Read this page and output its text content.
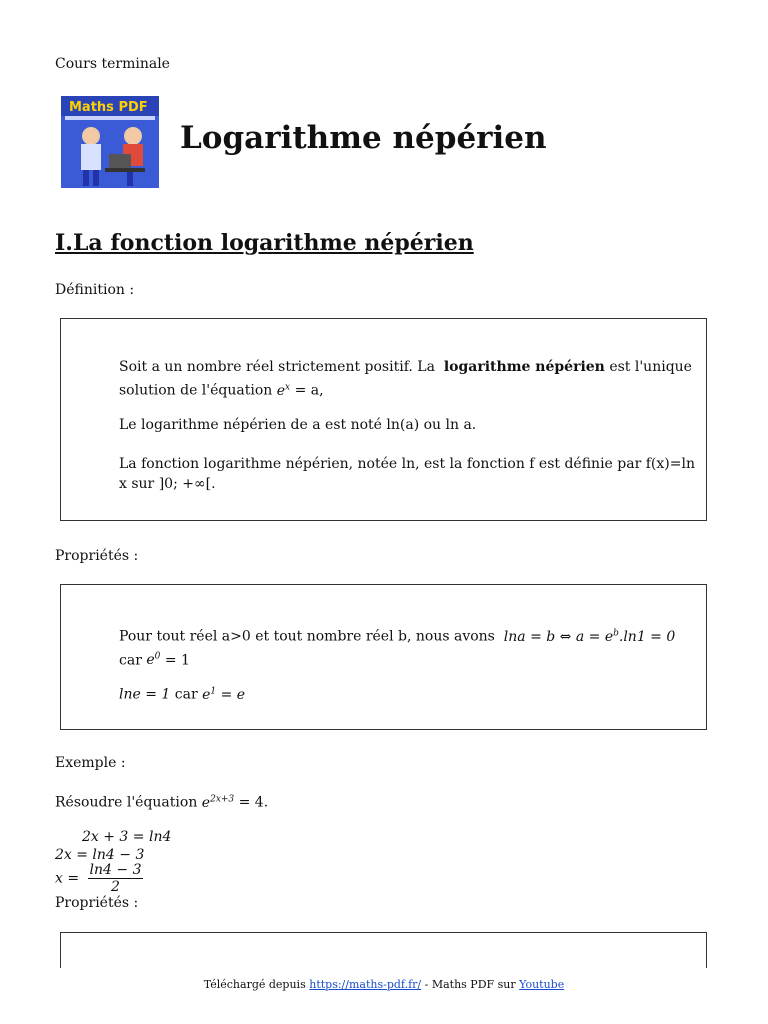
Cours terminale
Maths PDF
Logarithme népérien
I.La fonction logarithme népérien
Définition :

Soit a un nombre réel strictement positif. La logarithme népérien est l'unique solution de l'équation $e^x = a$,

Le logarithme népérien de a est noté ln(a) ou ln a.

La fonction logarithme népérien, notée ln, est la fonction f est définie par f(x)=ln x sur ]0; +∞[.

Propriétés :

Pour tout réel a>0 et tout nombre réel b, nous avons lna = b ⇔ $a = e^b.\ln 1 = 0$ car $e^0 = 1$

lne = 1 car $e^1 = e$

Exemple :
Résoudre l'équation $e^{2x+3} = 4$.
2x + 3 = ln4
2x = ln4 − 3
$x = \frac{\ln 4 - 3}{2}$
Propriétés :
Téléchargé depuis https://maths-pdf.fr/ - Maths PDF sur Youtube
